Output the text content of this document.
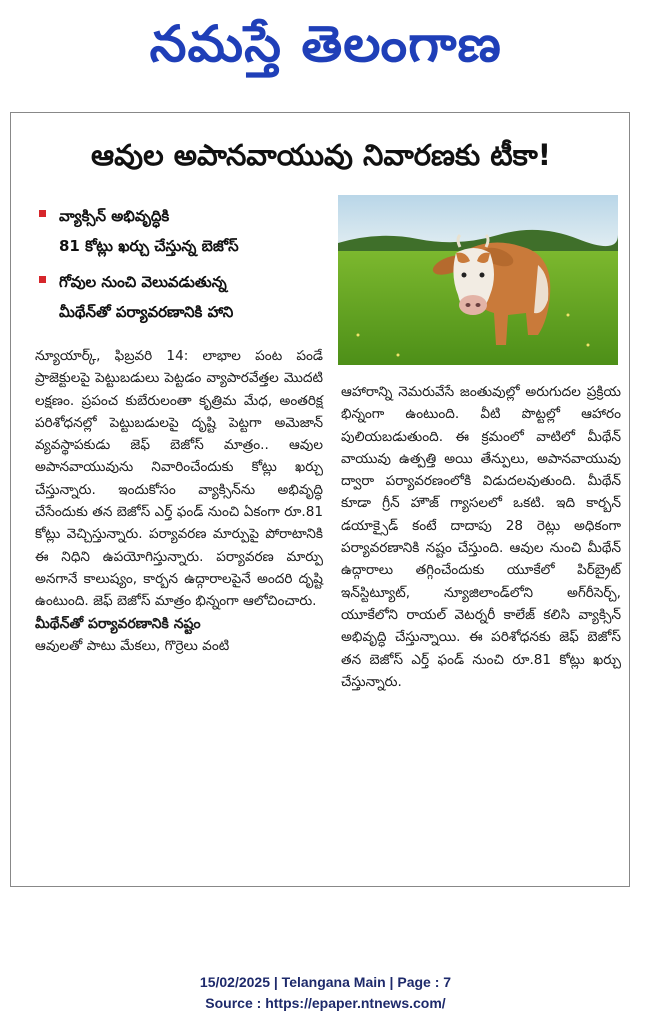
నమస్తే తెలంగాణ
ఆవుల అపానవాయువు నివారణకు టీకా!
వ్యాక్సిన్ అభివృద్ధికి
81 కోట్లు ఖర్చు చేస్తున్న బెజోస్
గోవుల నుంచి వెలువడుతున్న
మీథేన్‌తో పర్యావరణానికి హాని

న్యూయార్క్, ఫిబ్రవరి 14: లాభాల పంట పండే ప్రాజెక్టులపై పెట్టుబడులు పెట్టడం వ్యాపారవేత్తల మొదటి లక్షణం. ప్రపంచ కుబేరులంతా కృత్రిమ మేధ, అంతరిక్ష పరిశోధనల్లో పెట్టుబడులపై దృష్టి పెట్టగా అమెజాన్ వ్యవస్థాపకుడు జెఫ్ బెజోస్ మాత్రం.. ఆవుల అపానవాయువును నివారించేందుకు కోట్లు ఖర్చు చేస్తున్నారు. ఇందుకోసం వ్యాక్సిన్‌ను అభివృద్ధి చేసేందుకు తన బెజోస్ ఎర్త్ ఫండ్ నుంచి ఏకంగా రూ.81 కోట్లు వెచ్చిస్తున్నారు. పర్యావరణ మార్పుపై పోరాటానికి ఈ నిధిని ఉపయోగిస్తున్నారు. పర్యావరణ మార్పు అనగానే కాలుష్యం, కార్బన ఉద్గారాలపైనే అందరి దృష్టి ఉంటుంది. జెఫ్ బెజోస్ మాత్రం భిన్నంగా ఆలోచించారు.

మీథేన్‌తో పర్యావరణానికి నష్టం

ఆవులతో పాటు మేకలు, గొర్రెలు వంటి

ఆహారాన్ని నెమరువేసే జంతువుల్లో అరుగుదల ప్రక్రియ భిన్నంగా ఉంటుంది. వీటి పొట్టల్లో ఆహారం పులియబడుతుంది. ఈ క్రమంలో వాటిలో మీథేన్ వాయువు ఉత్పత్తి అయి తేన్పులు, అపానవాయువు ద్వారా పర్యావరణంలోకి విడుదలవుతుంది. మీథేన్ కూడా గ్రీన్ హౌజ్ గ్యాసలలో ఒకటి. ఇది కార్బన్ డయాక్సైడ్ కంటే దాదాపు 28 రెట్లు అధికంగా పర్యావరణానికి నష్టం చేస్తుంది. ఆవుల నుంచి మీథేన్ ఉద్గారాలు తగ్గించేందుకు యూకేలో పిర్‌బ్రైట్ ఇన్‌స్టిట్యూట్, న్యూజిలాండ్‌లోని అగ్‌రీసెర్చ్, యూకేలోని రాయల్ వెటర్నరీ కాలేజ్ కలిసి వ్యాక్సిన్ అభివృద్ధి చేస్తున్నాయి. ఈ పరిశోధనకు జెఫ్ బెజోస్ తన బెజోస్ ఎర్త్ ఫండ్ నుంచి రూ.81 కోట్లు ఖర్చు చేస్తున్నారు.

15/02/2025 | Telangana Main | Page : 7
Source : https://epaper.ntnews.com/
